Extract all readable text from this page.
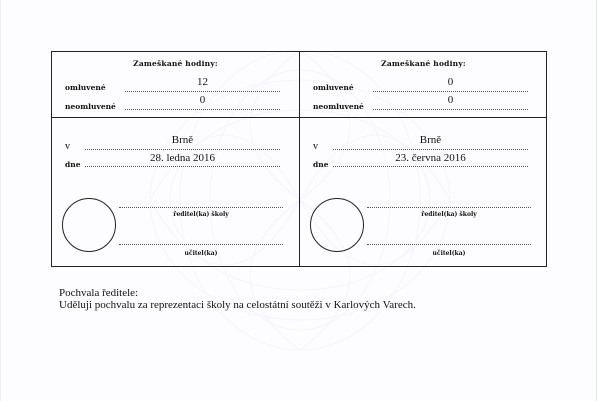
Zameškané hodiny:
omluvené	12
neomluvené
0
v
Brně
dne
28. ledna 2016
ředitel(ka) školy
učitel(ka)
Zameškané hodiny:
omluvené	0
neomluvené
0
v
Brně
dne
23. června 2016
ředitel(ka) školy
učitel(ka)
Pochvala ředitele:
Uděluji pochvalu za reprezentaci školy na celostátní soutěži v Karlových Varech.
